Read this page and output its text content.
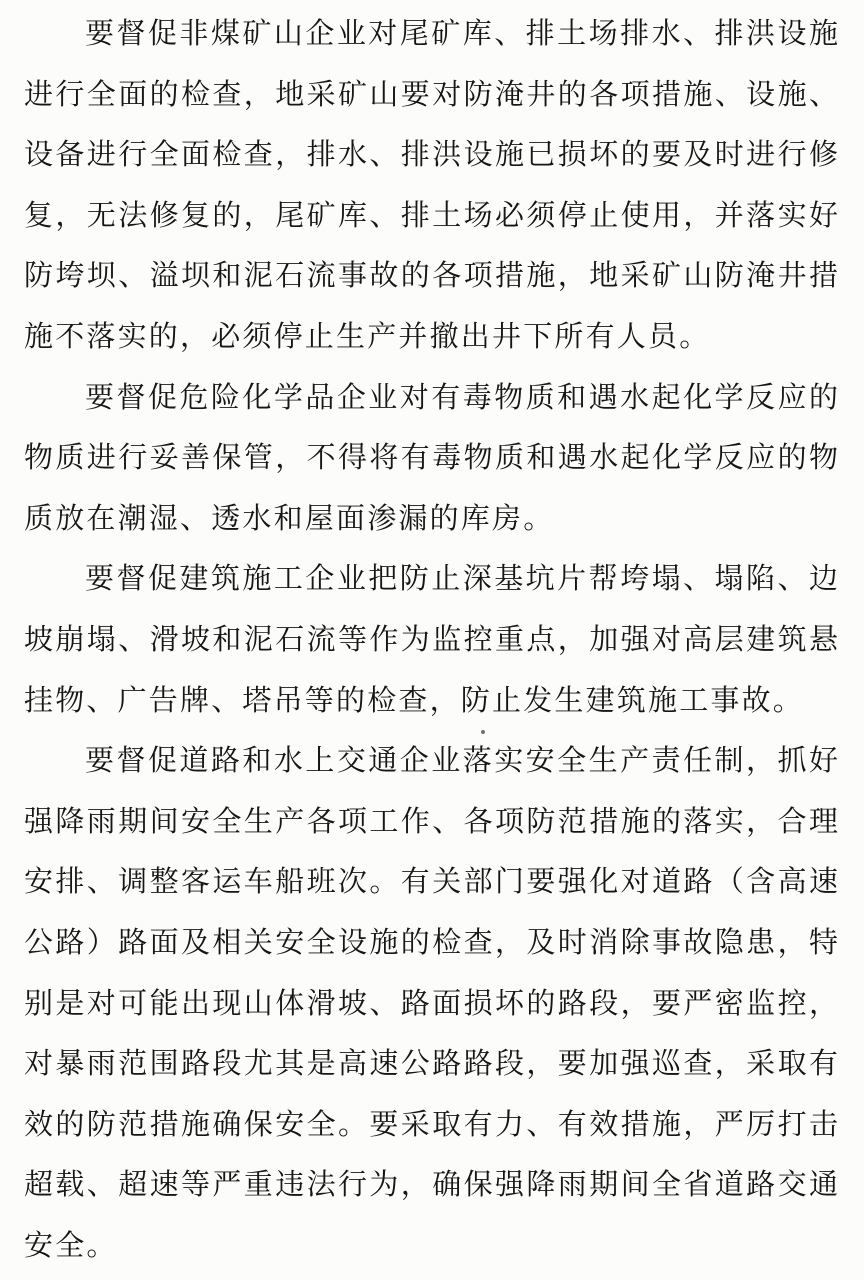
要督促非煤矿山企业对尾矿库、排土场排水、排洪设施
进行全面的检查，地采矿山要对防淹井的各项措施、设施、
设备进行全面检查，排水、排洪设施已损坏的要及时进行修
复，无法修复的，尾矿库、排土场必须停止使用，并落实好
防垮坝、溢坝和泥石流事故的各项措施，地采矿山防淹井措
施不落实的，必须停止生产并撤出井下所有人员。
要督促危险化学品企业对有毒物质和遇水起化学反应的
物质进行妥善保管，不得将有毒物质和遇水起化学反应的物
质放在潮湿、透水和屋面渗漏的库房。
要督促建筑施工企业把防止深基坑片帮垮塌、塌陷、边
坡崩塌、滑坡和泥石流等作为监控重点，加强对高层建筑悬
挂物、广告牌、塔吊等的检查，防止发生建筑施工事故。
要督促道路和水上交通企业落实安全生产责任制，抓好
强降雨期间安全生产各项工作、各项防范措施的落实，合理
安排、调整客运车船班次。有关部门要强化对道路（含高速
公路）路面及相关安全设施的检查，及时消除事故隐患，特
别是对可能出现山体滑坡、路面损坏的路段，要严密监控，
对暴雨范围路段尤其是高速公路路段，要加强巡查，采取有
效的防范措施确保安全。要采取有力、有效措施，严厉打击
超载、超速等严重违法行为，确保强降雨期间全省道路交通
安全。
